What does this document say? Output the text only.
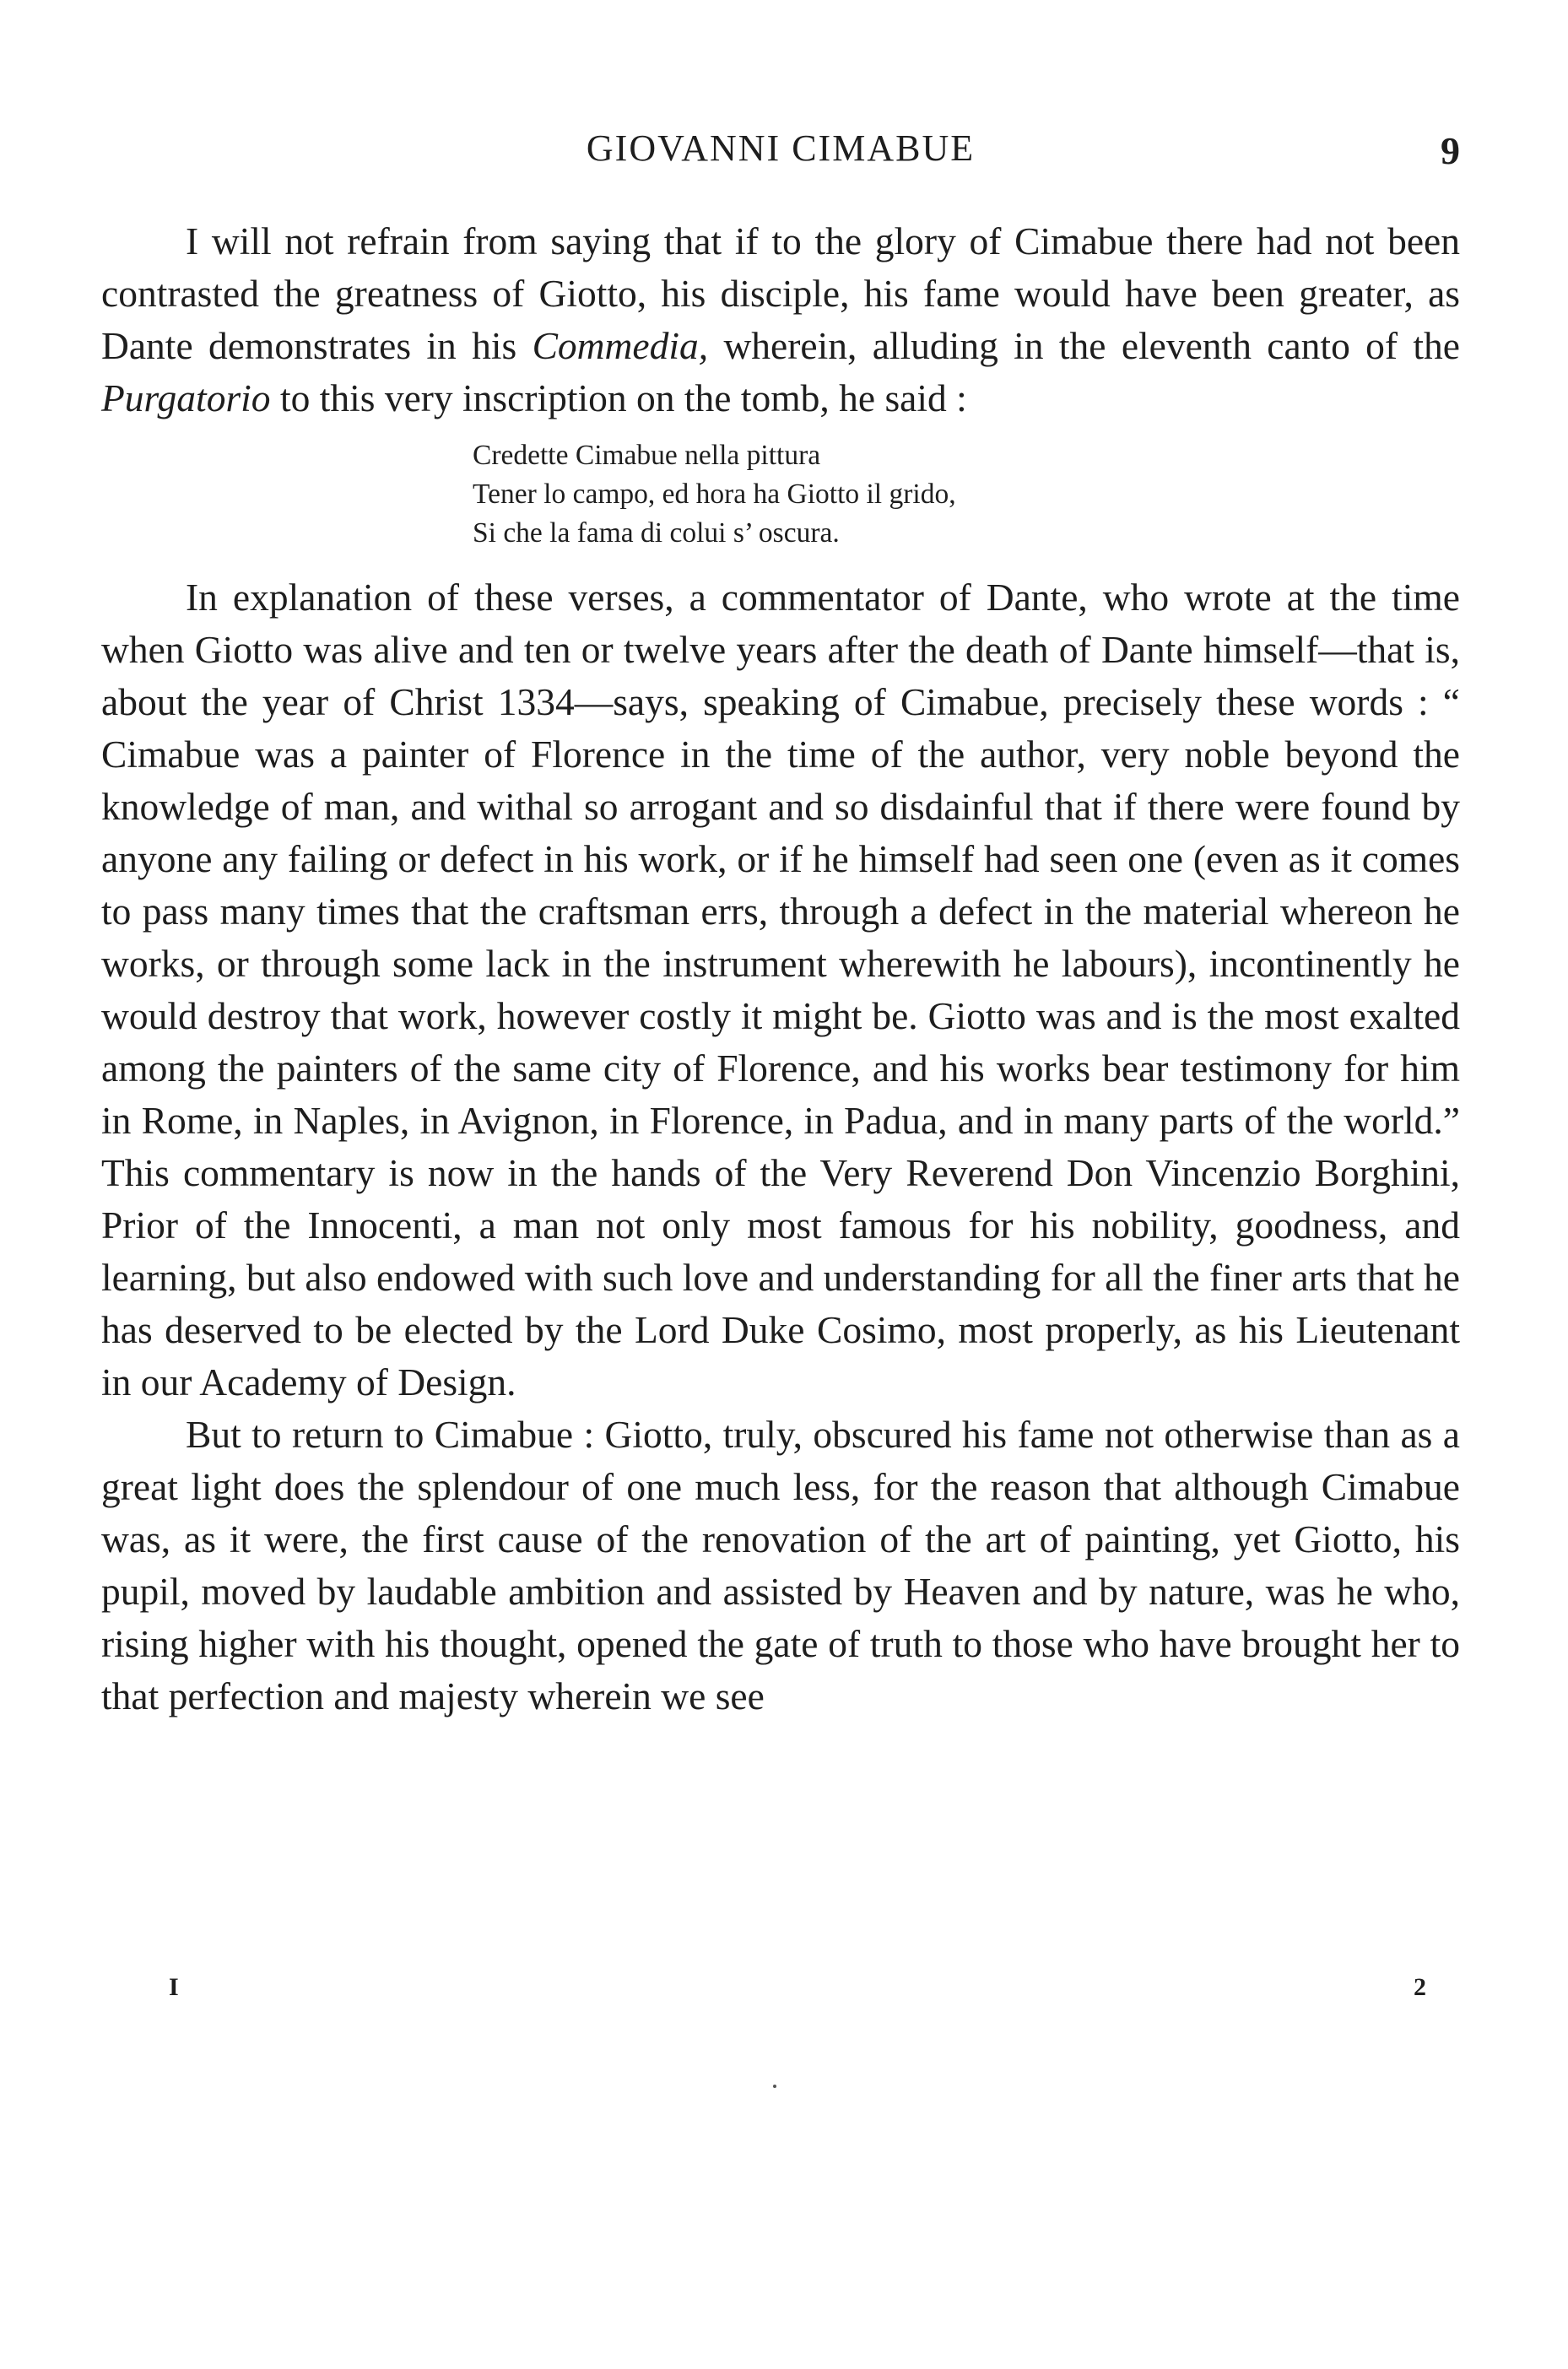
GIOVANNI CIMABUE	9

I will not refrain from saying that if to the glory of Cimabue there had not been contrasted the greatness of Giotto, his disciple, his fame would have been greater, as Dante demonstrates in his Commedia, wherein, alluding in the eleventh canto of the Purgatorio to this very inscription on the tomb, he said :

Credette Cimabue nella pittura
Tener lo campo, ed hora ha Giotto il grido,
Si che la fama di colui s’ oscura.

In explanation of these verses, a commentator of Dante, who wrote at the time when Giotto was alive and ten or twelve years after the death of Dante himself—that is, about the year of Christ 1334—says, speaking of Cimabue, precisely these words : “ Cimabue was a painter of Florence in the time of the author, very noble beyond the knowledge of man, and withal so arrogant and so disdainful that if there were found by anyone any failing or defect in his work, or if he himself had seen one (even as it comes to pass many times that the craftsman errs, through a defect in the material whereon he works, or through some lack in the instrument wherewith he labours), incontinently he would destroy that work, however costly it might be. Giotto was and is the most exalted among the painters of the same city of Florence, and his works bear testimony for him in Rome, in Naples, in Avignon, in Florence, in Padua, and in many parts of the world.” This commentary is now in the hands of the Very Reverend Don Vincenzio Borghini, Prior of the Innocenti, a man not only most famous for his nobility, goodness, and learning, but also endowed with such love and understanding for all the finer arts that he has deserved to be elected by the Lord Duke Cosimo, most properly, as his Lieutenant in our Academy of Design.

But to return to Cimabue : Giotto, truly, obscured his fame not otherwise than as a great light does the splendour of one much less, for the reason that although Cimabue was, as it were, the first cause of the renovation of the art of painting, yet Giotto, his pupil, moved by laudable ambition and assisted by Heaven and by nature, was he who, rising higher with his thought, opened the gate of truth to those who have brought her to that perfection and majesty wherein we see

I	2
